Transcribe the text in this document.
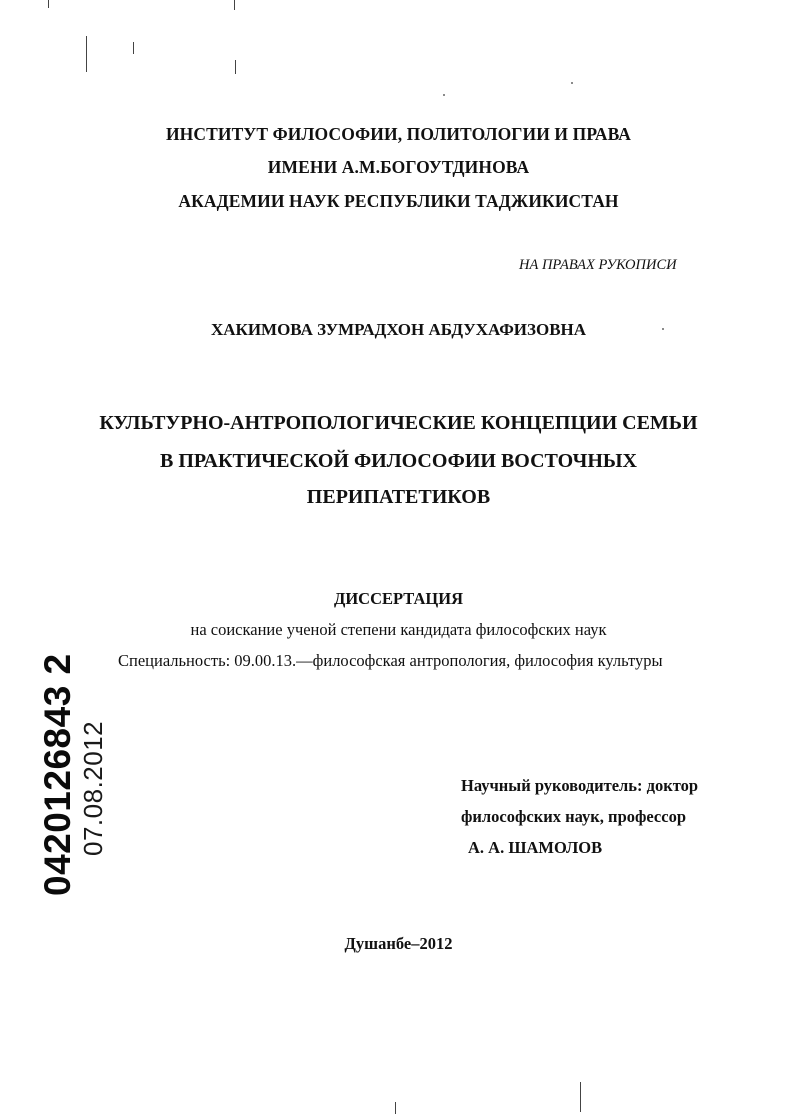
ИНСТИТУТ ФИЛОСОФИИ, ПОЛИТОЛОГИИ И ПРАВА
ИМЕНИ А.М.БОГОУТДИНОВА
АКАДЕМИИ НАУК РЕСПУБЛИКИ ТАДЖИКИСТАН
НА ПРАВАХ РУКОПИСИ
ХАКИМОВА ЗУМРАДХОН АБДУХАФИЗОВНА
КУЛЬТУРНО-АНТРОПОЛОГИЧЕСКИЕ КОНЦЕПЦИИ СЕМЬИ
В ПРАКТИЧЕСКОЙ ФИЛОСОФИИ ВОСТОЧНЫХ
ПЕРИПАТЕТИКОВ
ДИССЕРТАЦИЯ
на соискание ученой степени кандидата философских наук
Специальность: 09.00.13.—философская антропология, философия культуры
Научный руководитель: доктор
философских наук, профессор
А. А. ШАМОЛОВ
Душанбе–2012
0420126843 2 07.08.2012
